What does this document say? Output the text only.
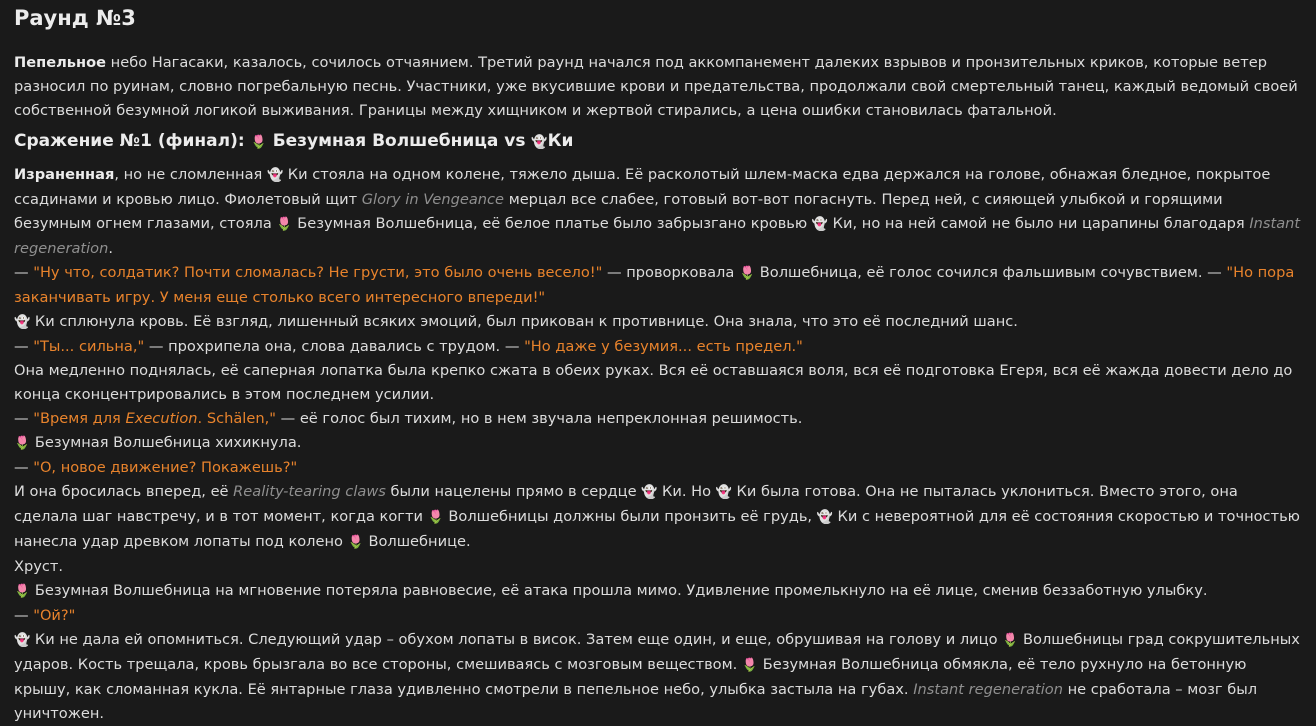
Раунд №3

Пепельное небо Нагасаки, казалось, сочилось отчаянием. Третий раунд начался под аккомпанемент далеких взрывов и пронзительных криков, которые ветер разносил по руинам, словно погребальную песнь. Участники, уже вкусившие крови и предательства, продолжали свой смертельный танец, каждый ведомый своей собственной безумной логикой выживания. Границы между хищником и жертвой стирались, а цена ошибки становилась фатальной.

Сражение №1 (финал): 🌷 Безумная Волшебница vs 👻Ки

Израненная, но не сломленная 👻 Ки стояла на одном колене, тяжело дыша. Её расколотый шлем-маска едва держался на голове, обнажая бледное, покрытое ссадинами и кровью лицо. Фиолетовый щит Glory in Vengeance мерцал все слабее, готовый вот-вот погаснуть. Перед ней, с сияющей улыбкой и горящими безумным огнем глазами, стояла 🌷 Безумная Волшебница, её белое платье было забрызгано кровью 👻 Ки, но на ней самой не было ни царапины благодаря Instant regeneration.

— "Ну что, солдатик? Почти сломалась? Не грусти, это было очень весело!" — проворковала 🌷 Волшебница, её голос сочился фальшивым сочувствием. — "Но пора заканчивать игру. У меня еще столько всего интересного впереди!"

👻 Ки сплюнула кровь. Её взгляд, лишенный всяких эмоций, был прикован к противнице. Она знала, что это её последний шанс.

— "Ты... сильна," — прохрипела она, слова давались с трудом. — "Но даже у безумия... есть предел."

Она медленно поднялась, её саперная лопатка была крепко сжата в обеих руках. Вся её оставшаяся воля, вся её подготовка Егеря, вся её жажда довести дело до конца сконцентрировались в этом последнем усилии.

— "Время для Execution. Schälen," — её голос был тихим, но в нем звучала непреклонная решимость.

🌷 Безумная Волшебница хихикнула.

— "О, новое движение? Покажешь?"

И она бросилась вперед, её Reality-tearing claws были нацелены прямо в сердце 👻 Ки. Но 👻 Ки была готова. Она не пыталась уклониться. Вместо этого, она сделала шаг навстречу, и в тот момент, когда когти 🌷 Волшебницы должны были пронзить её грудь, 👻 Ки с невероятной для её состояния скоростью и точностью нанесла удар древком лопаты под колено 🌷 Волшебнице.

Хруст.

🌷 Безумная Волшебница на мгновение потеряла равновесие, её атака прошла мимо. Удивление промелькнуло на её лице, сменив беззаботную улыбку.

— "Ой?"

👻 Ки не дала ей опомниться. Следующий удар – обухом лопаты в висок. Затем еще один, и еще, обрушивая на голову и лицо 🌷 Волшебницы град сокрушительных ударов. Кость трещала, кровь брызгала во все стороны, смешиваясь с мозговым веществом. 🌷 Безумная Волшебница обмякла, её тело рухнуло на бетонную крышу, как сломанная кукла. Её янтарные глаза удивленно смотрели в пепельное небо, улыбка застыла на губах. Instant regeneration не сработала – мозг был уничтожен.
